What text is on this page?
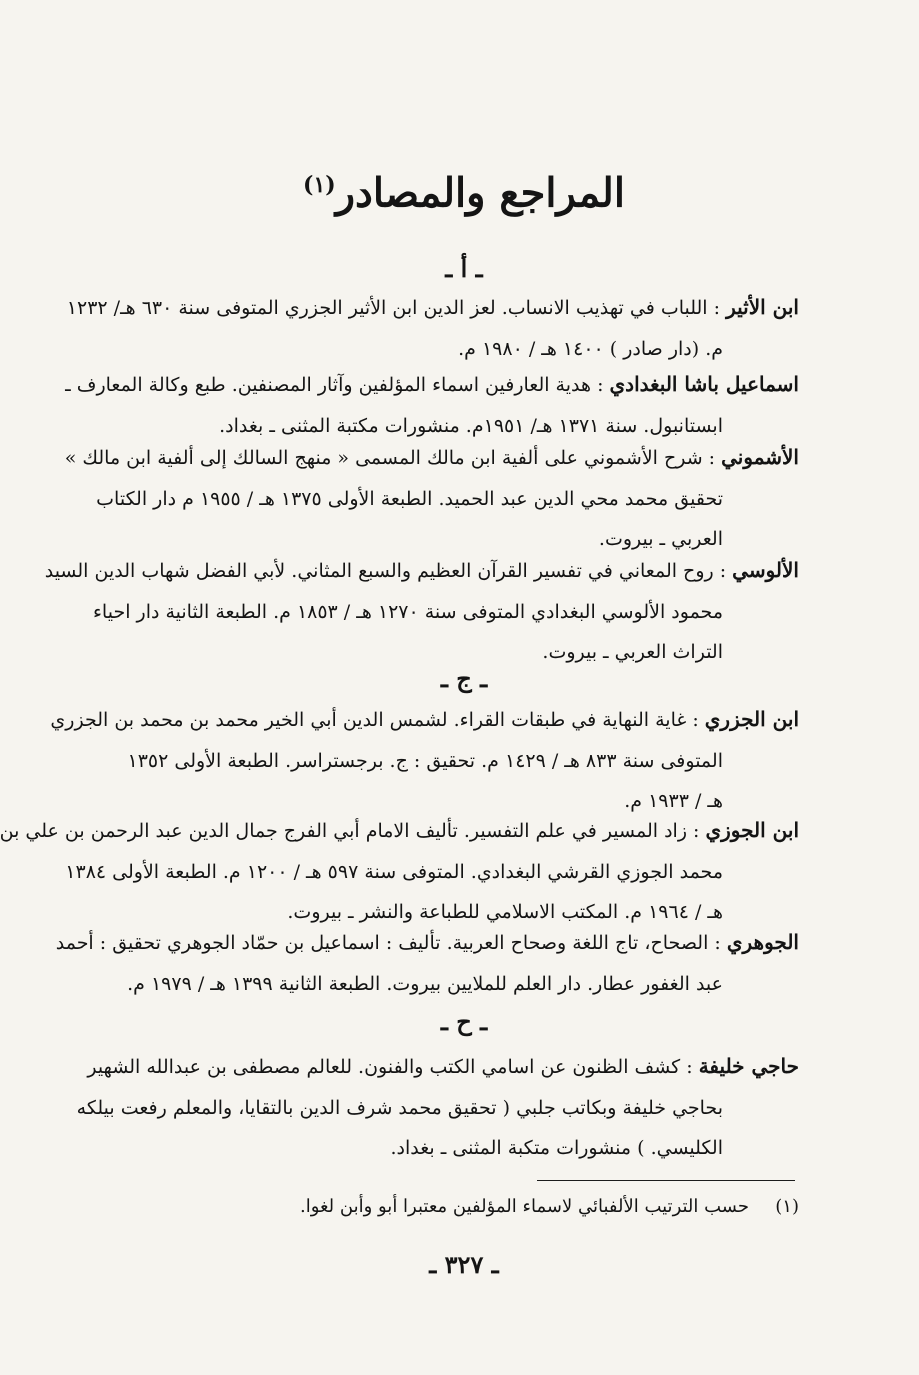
المراجع والمصادر$^{(١)}$
ـ أ ـ
ابن الأثير : اللباب في تهذيب الانساب. لعز الدين ابن الأثير الجزري المتوفى سنة ٦٣٠ هـ/ ١٢٣٢
م. (دار صادر ) ١٤٠٠ هـ / ١٩٨٠ م.
اسماعيل باشا البغدادي : هدية العارفين اسماء المؤلفين وآثار المصنفين. طبع وكالة المعارف ـ
ابستانبول. سنة ١٣٧١ هـ/ ١٩٥١م. منشورات مكتبة المثنى ـ بغداد.
الأشموني : شرح الأشموني على ألفية ابن مالك المسمى « منهج السالك إلى ألفية ابن مالك »
تحقيق محمد محي الدين عبد الحميد. الطبعة الأولى ١٣٧٥ هـ / ١٩٥٥ م دار الكتاب
العربي ـ بيروت.
الألوسي : روح المعاني في تفسير القرآن العظيم والسبع المثاني. لأبي الفضل شهاب الدين السيد
محمود الألوسي البغدادي المتوفى سنة ١٢٧٠ هـ / ١٨٥٣ م. الطبعة الثانية دار احياء
التراث العربي ـ بيروت.
ـ ج ـ
ابن الجزري : غاية النهاية في طبقات القراء. لشمس الدين أبي الخير محمد بن محمد بن الجزري
المتوفى سنة ٨٣٣ هـ / ١٤٢٩ م. تحقيق : ج. برجستراسر. الطبعة الأولى ١٣٥٢
هـ / ١٩٣٣ م.
ابن الجوزي : زاد المسير في علم التفسير. تأليف الامام أبي الفرج جمال الدين عبد الرحمن بن علي بن
محمد الجوزي القرشي البغدادي. المتوفى سنة ٥٩٧ هـ / ١٢٠٠ م. الطبعة الأولى ١٣٨٤
هـ / ١٩٦٤ م. المكتب الاسلامي للطباعة والنشر ـ بيروت.
الجوهري : الصحاح، تاج اللغة وصحاح العربية. تأليف : اسماعيل بن حمّاد الجوهري تحقيق : أحمد
عبد الغفور عطار. دار العلم للملايين بيروت. الطبعة الثانية ١٣٩٩ هـ / ١٩٧٩ م.
ـ ح ـ
حاجي خليفة : كشف الظنون عن اسامي الكتب والفنون. للعالم مصطفى بن عبدالله الشهير
بحاجي خليفة وبكاتب جلبي ( تحقيق محمد شرف الدين بالتقايا، والمعلم رفعت بيلكه
الكليسي. ) منشورات متكبة المثنى ـ بغداد.
(١)حسب الترتيب الألفبائي لاسماء المؤلفين معتبرا أبو وأبن لغوا.
ـ ٣٢٧ ـ
